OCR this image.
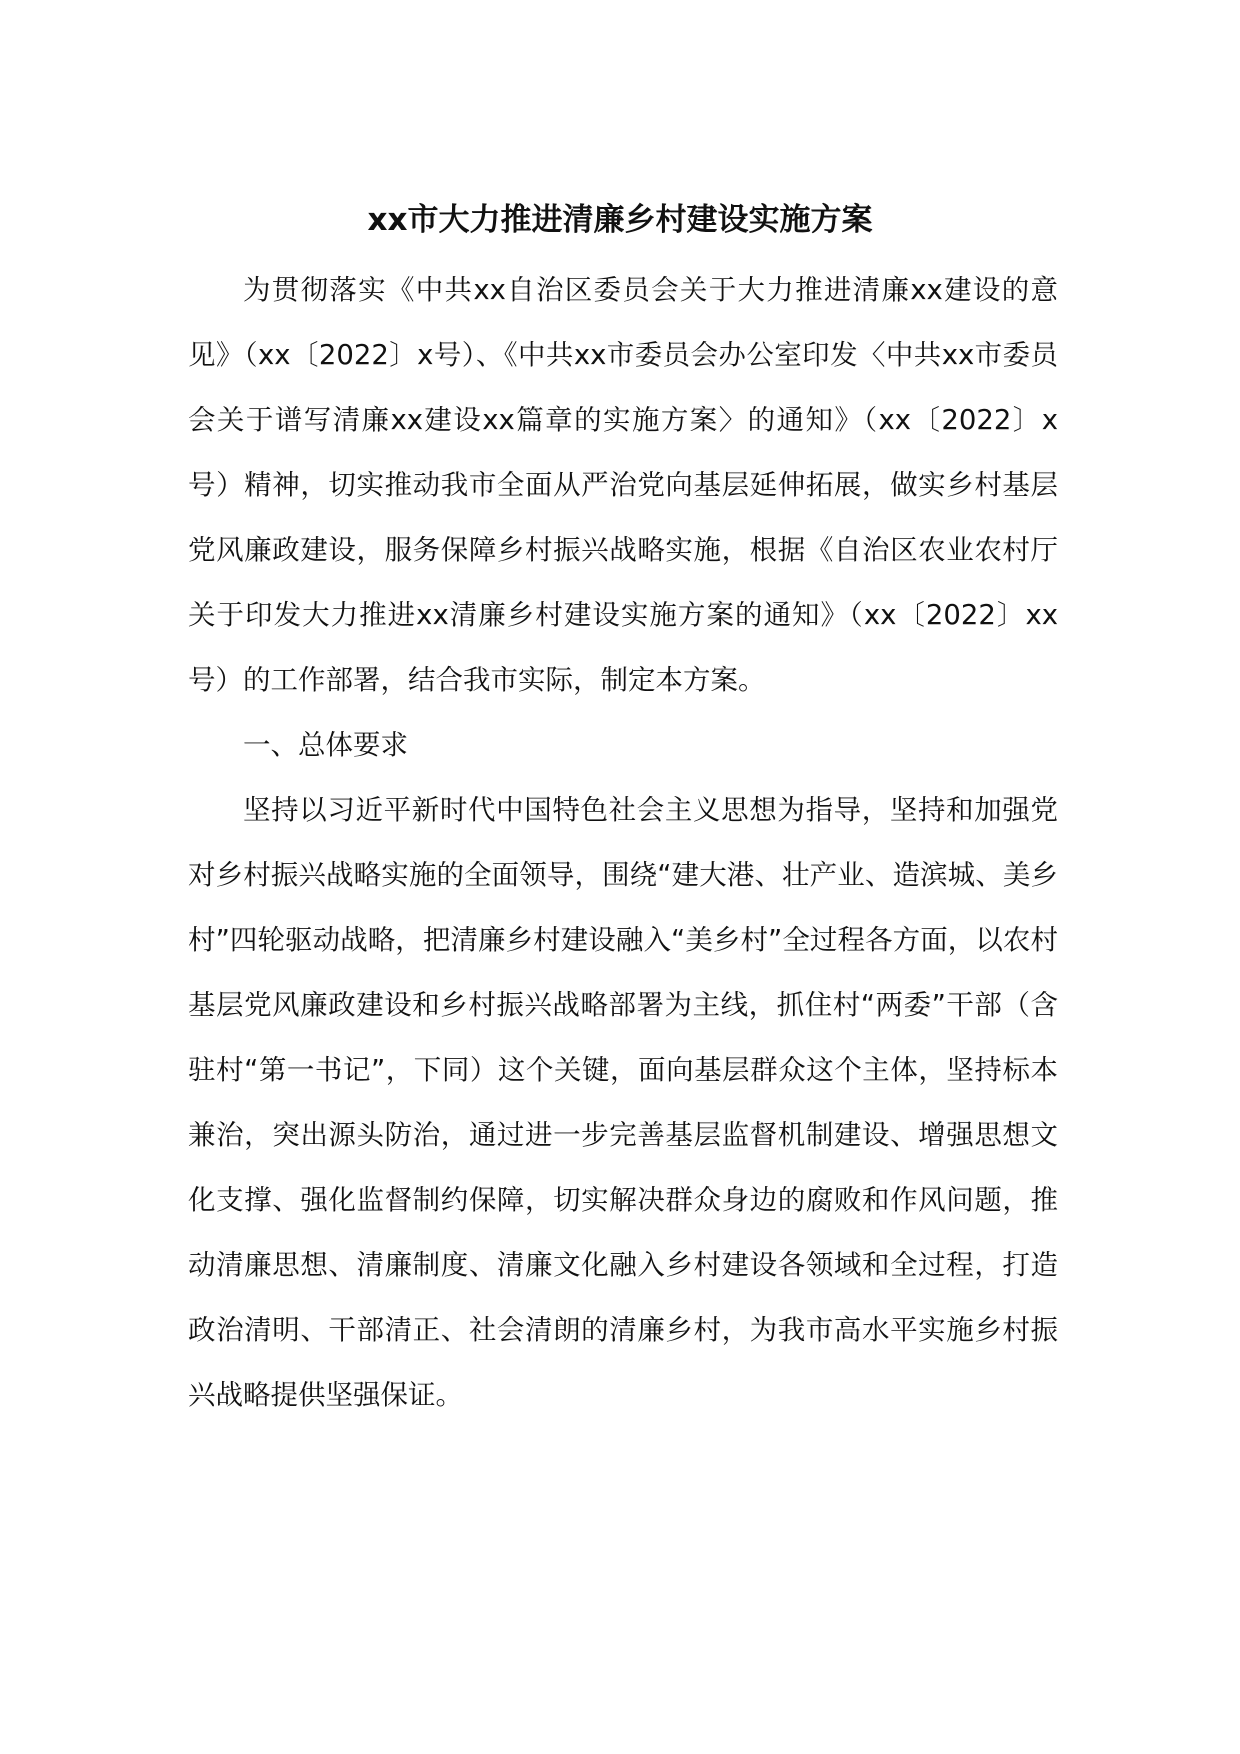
xx市大力推进清廉乡村建设实施方案

为贯彻落实《中共xx自治区委员会关于大力推进清廉xx建设的意见》（xx〔2022〕x号）、《中共xx市委员会办公室印发〈中共xx市委员会关于谱写清廉xx建设xx篇章的实施方案〉的通知》（xx〔2022〕x号）精神，切实推动我市全面从严治党向基层延伸拓展，做实乡村基层党风廉政建设，服务保障乡村振兴战略实施，根据《自治区农业农村厅关于印发大力推进xx清廉乡村建设实施方案的通知》（xx〔2022〕xx号）的工作部署，结合我市实际，制定本方案。

一、总体要求

坚持以习近平新时代中国特色社会主义思想为指导，坚持和加强党对乡村振兴战略实施的全面领导，围绕“建大港、壮产业、造滨城、美乡村”四轮驱动战略，把清廉乡村建设融入“美乡村”全过程各方面，以农村基层党风廉政建设和乡村振兴战略部署为主线，抓住村“两委”干部（含驻村“第一书记”，下同）这个关键，面向基层群众这个主体，坚持标本兼治，突出源头防治，通过进一步完善基层监督机制建设、增强思想文化支撑、强化监督制约保障，切实解决群众身边的腐败和作风问题，推动清廉思想、清廉制度、清廉文化融入乡村建设各领域和全过程，打造政治清明、干部清正、社会清朗的清廉乡村，为我市高水平实施乡村振兴战略提供坚强保证。
